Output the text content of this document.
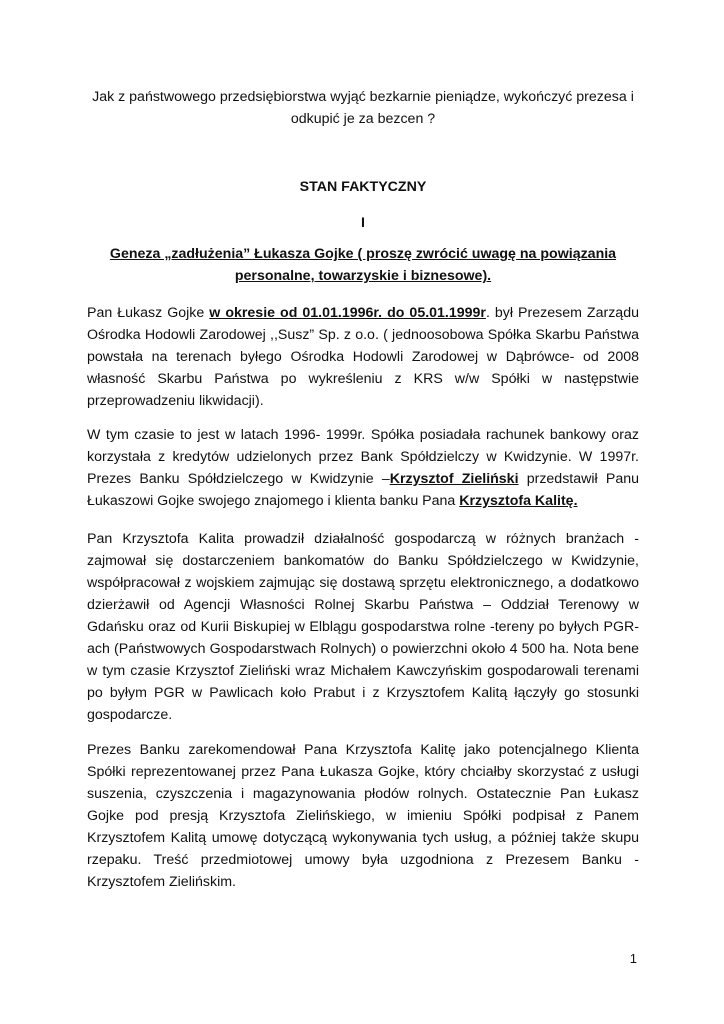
Jak z państwowego przedsiębiorstwa wyjąć bezkarnie pieniądze, wykończyć prezesa i odkupić je za bezcen ?
STAN FAKTYCZNY
I
Geneza „zadłużenia” Łukasza Gojke ( proszę zwrócić uwagę na powiązania personalne, towarzyskie i biznesowe).
Pan Łukasz Gojke w okresie od 01.01.1996r. do 05.01.1999r. był Prezesem Zarządu Ośrodka Hodowli Zarodowej ,,Susz” Sp. z o.o. ( jednoosobowa Spółka Skarbu Państwa powstała na terenach byłego Ośrodka Hodowli Zarodowej w Dąbrówce- od 2008 własność Skarbu Państwa po wykreśleniu z KRS w/w Spółki w następstwie przeprowadzeniu likwidacji).
W tym czasie to jest w latach 1996- 1999r. Spółka posiadała rachunek bankowy oraz korzystała z kredytów udzielonych przez Bank Spółdzielczy w Kwidzynie. W 1997r. Prezes Banku Spółdzielczego w Kwidzynie –Krzysztof Zieliński przedstawił Panu Łukaszowi Gojke swojego znajomego i klienta banku Pana Krzysztofa Kalitę.
Pan Krzysztofa Kalita prowadził działalność gospodarczą w różnych branżach - zajmował się dostarczeniem bankomatów do Banku Spółdzielczego w Kwidzynie, współpracował z wojskiem zajmując się dostawą sprzętu elektronicznego, a dodatkowo dzierżawił od Agencji Własności Rolnej Skarbu Państwa – Oddział Terenowy w Gdańsku oraz od Kurii Biskupiej w Elblągu gospodarstwa rolne -tereny po byłych PGR-ach (Państwowych Gospodarstwach Rolnych) o powierzchni około 4 500 ha. Nota bene w tym czasie Krzysztof Zieliński wraz Michałem Kawczyńskim gospodarowali terenami po byłym PGR w Pawlicach koło Prabut i z Krzysztofem Kalitą łączyły go stosunki gospodarcze.
Prezes Banku zarekomendował Pana Krzysztofa Kalitę jako potencjalnego Klienta Spółki reprezentowanej przez Pana Łukasza Gojke, który chciałby skorzystać z usługi suszenia, czyszczenia i magazynowania płodów rolnych. Ostatecznie Pan Łukasz Gojke pod presją Krzysztofa Zielińskiego, w imieniu Spółki podpisał z Panem Krzysztofem Kalitą umowę dotyczącą wykonywania tych usług, a później także skupu rzepaku. Treść przedmiotowej umowy była uzgodniona z Prezesem Banku - Krzysztofem Zielińskim.
1
